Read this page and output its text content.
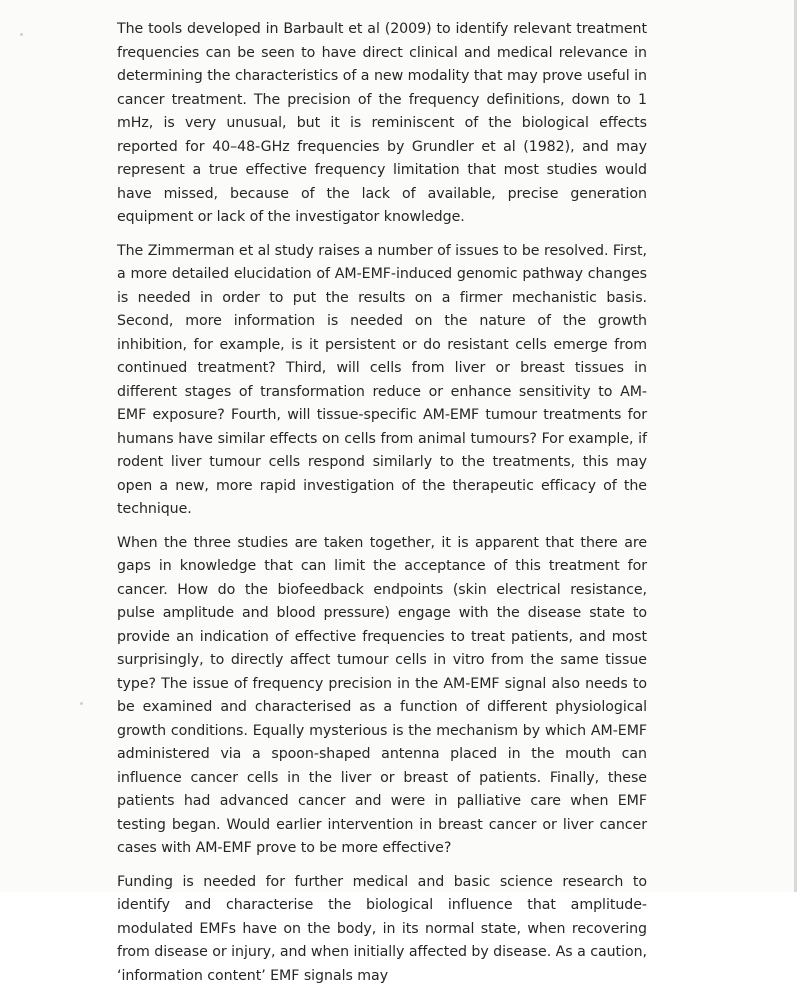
The tools developed in Barbault et al (2009) to identify relevant treatment frequencies can be seen to have direct clinical and medical relevance in determining the characteristics of a new modality that may prove useful in cancer treatment. The precision of the frequency definitions, down to 1 mHz, is very unusual, but it is reminiscent of the biological effects reported for 40–48-GHz frequencies by Grundler et al (1982), and may represent a true effective frequency limitation that most studies would have missed, because of the lack of available, precise generation equipment or lack of the investigator knowledge.

The Zimmerman et al study raises a number of issues to be resolved. First, a more detailed elucidation of AM-EMF-induced genomic pathway changes is needed in order to put the results on a firmer mechanistic basis. Second, more information is needed on the nature of the growth inhibition, for example, is it persistent or do resistant cells emerge from continued treatment? Third, will cells from liver or breast tissues in different stages of transformation reduce or enhance sensitivity to AM-EMF exposure? Fourth, will tissue-specific AM-EMF tumour treatments for humans have similar effects on cells from animal tumours? For example, if rodent liver tumour cells respond similarly to the treatments, this may open a new, more rapid investigation of the therapeutic efficacy of the technique.

When the three studies are taken together, it is apparent that there are gaps in knowledge that can limit the acceptance of this treatment for cancer. How do the biofeedback endpoints (skin electrical resistance, pulse amplitude and blood pressure) engage with the disease state to provide an indication of effective frequencies to treat patients, and most surprisingly, to directly affect tumour cells in vitro from the same tissue type? The issue of frequency precision in the AM-EMF signal also needs to be examined and characterised as a function of different physiological growth conditions. Equally mysterious is the mechanism by which AM-EMF administered via a spoon-shaped antenna placed in the mouth can influence cancer cells in the liver or breast of patients. Finally, these patients had advanced cancer and were in palliative care when EMF testing began. Would earlier intervention in breast cancer or liver cancer cases with AM-EMF prove to be more effective?

Funding is needed for further medical and basic science research to identify and characterise the biological influence that amplitude-modulated EMFs have on the body, in its normal state, when recovering from disease or injury, and when initially affected by disease. As a caution, ‘information content’ EMF signals may
